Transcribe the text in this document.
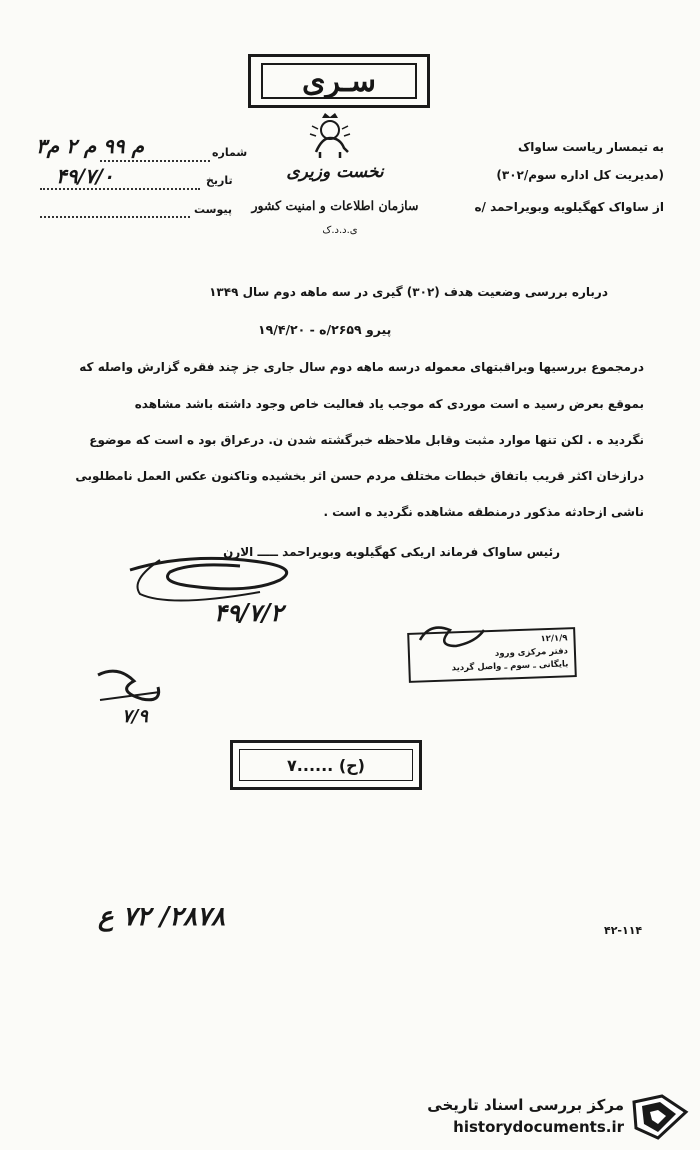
سـری
نخست وزیری
سازمان اطلاعات و امنیت کشور
ی.د.د.ک
به تیمسار ریاست ساواک
(مدیریت کل اداره سوم/۳۰۲)
از ساواک کهگیلویه وبویراحمد /ه
شماره
۳م ۹۹ م ۲ م
تاریخ
۴۹/۷/۰
پیوست
درباره بررسی وضعیت هدف (۳۰۲) گیری در سه ماهه دوم سال ۱۳۴۹
پیرو ۲۶۵۹/ه - ۱۹/۴/۲۰
درمجموع بررسیها وبراقبتهای معموله درسه ماهه دوم سال جاری جز چند فقره گزارش واصله که
بموقع بعرض رسید ه است موردی که موجب یاد فعالیت خاص وجود داشته باشد مشاهده
نگردید ه . لکن تنها موارد مثبت وقابل ملاحظه خبرگشته شدن ن. درعراق بود ه است که موضوع
درازخان اکثر قریب باتفاق خبطات مختلف مردم حسن اثر بخشیده وتاکنون عکس العمل نامطلوبی
ناشی ازحادثه مذکور درمنطقه مشاهده نگردید ه است .
رئیس ساواک فرماند اریکی کهگیلویه وبویراحمد ـــــ الارن
۴۹/۷/۲
۷/۹
۱۲/۱/۹
دفتر مرکزی ورود
بایگانی ـ سوم ـ واصل گردید
(ح) ......۷
۲۸۷۸/ ۷۲ ع	۴۲-۱۱۴
مرکز بررسی اسناد تاریخی
historydocuments.ir
